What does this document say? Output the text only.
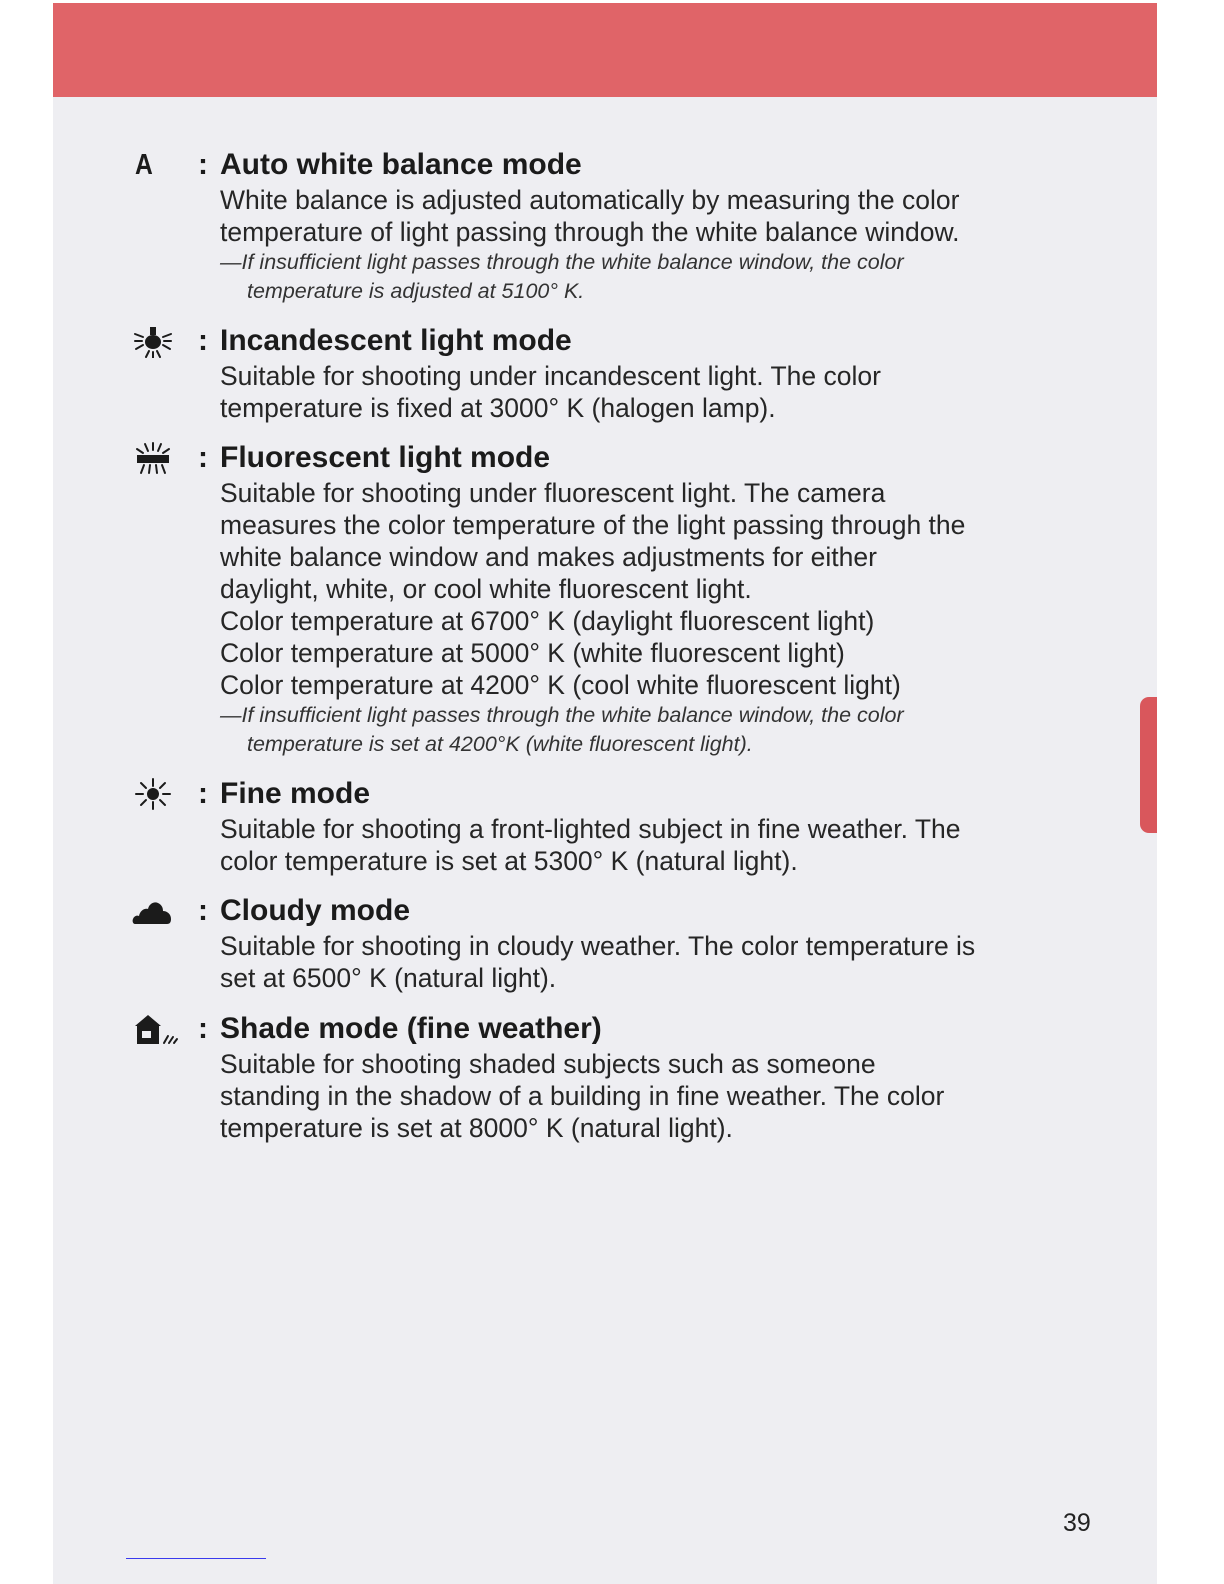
A : Auto white balance mode

White balance is adjusted automatically by measuring the color

temperature of light passing through the white balance window.

—If insufficient light passes through the white balance window, the color
temperature is adjusted at 5100° K.

: Incandescent light mode

Suitable for shooting under incandescent light. The color

temperature is fixed at 3000° K (halogen lamp).

: Fluorescent light mode

Suitable for shooting under fluorescent light. The camera

measures the color temperature of the light passing through the

white balance window and makes adjustments for either

daylight, white, or cool white fluorescent light.

Color temperature at 6700° K (daylight fluorescent light)

Color temperature at 5000° K (white fluorescent light)

Color temperature at 4200° K (cool white fluorescent light)

—If insufficient light passes through the white balance window, the color
temperature is set at 4200°K (white fluorescent light).

: Fine mode

Suitable for shooting a front-lighted subject in fine weather. The

color temperature is set at 5300° K (natural light).

: Cloudy mode

Suitable for shooting in cloudy weather. The color temperature is

set at 6500° K (natural light).

: Shade mode (fine weather)

Suitable for shooting shaded subjects such as someone

standing in the shadow of a building in fine weather. The color

temperature is set at 8000° K (natural light).

39
